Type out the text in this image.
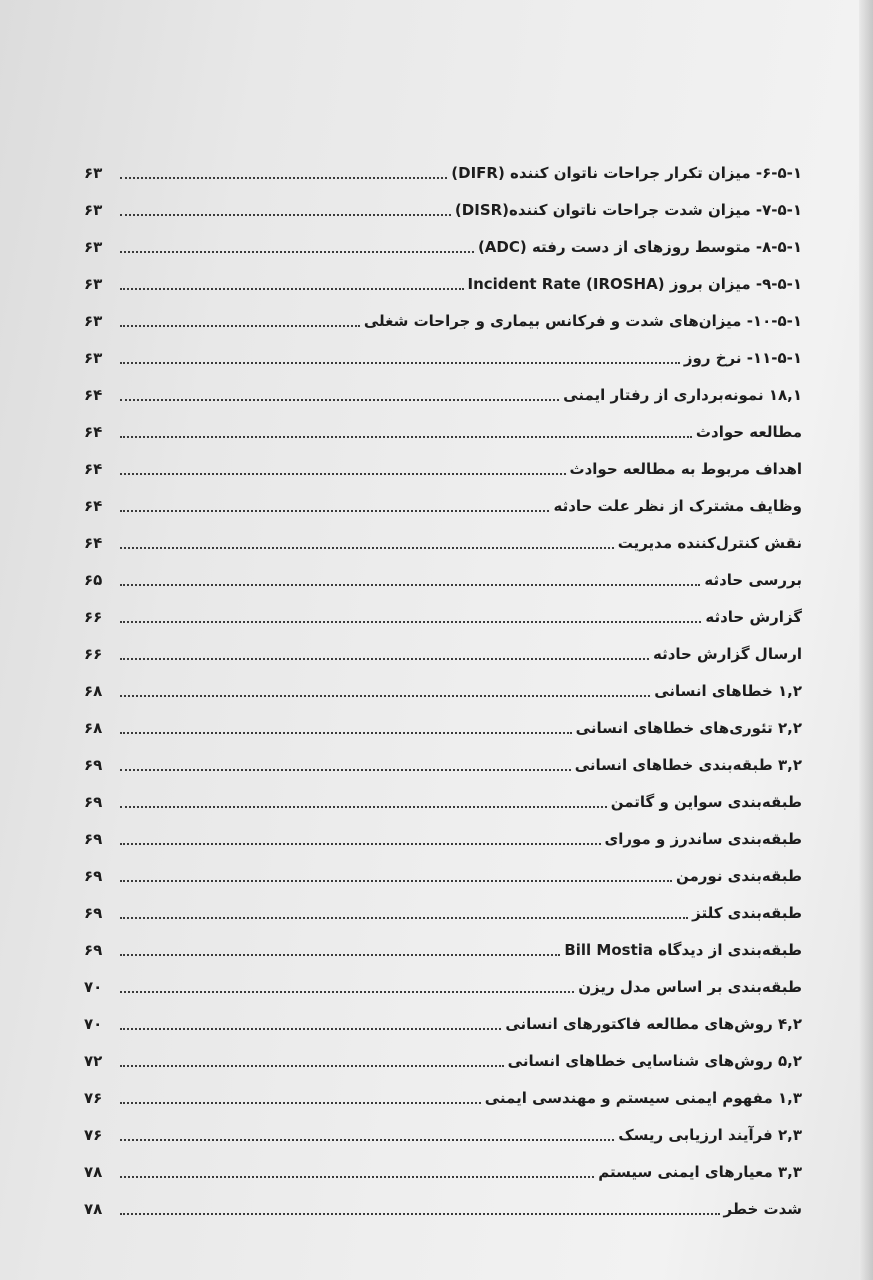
۶-۵-۱- میزان تکرار جراحات ناتوان کننده (DIFR)
۶۳
۷-۵-۱- میزان شدت جراحات ناتوان کننده(DISR)
۶۳
۸-۵-۱- متوسط روزهای از دست رفته (ADC)
۶۳
۹-۵-۱- میزان بروز Incident Rate (IROSHA)
۶۳
۱۰-۵-۱- میزان‌های شدت و فرکانس بیماری و جراحات شغلی
۶۳
۱۱-۵-۱- نرخ روز
۶۳
۱۸,۱ نمونه‌برداری از رفتار ایمنی
۶۴
مطالعه حوادث
۶۴
اهداف مربوط به مطالعه حوادث
۶۴
وظایف مشترک از نظر علت حادثه
۶۴
نقش کنترل‌کننده مدیریت
۶۴
بررسی حادثه
۶۵
گزارش حادثه
۶۶
ارسال گزارش حادثه
۶۶
۱,۲ خطاهای انسانی
۶۸
۲,۲ تئوری‌های خطاهای انسانی
۶۸
۳,۲ طبقه‌بندی خطاهای انسانی
۶۹
طبقه‌بندی سواین و گاتمن
۶۹
طبقه‌بندی ساندرز و مورای
۶۹
طبقه‌بندی نورمن
۶۹
طبقه‌بندی کلتز
۶۹
طبقه‌بندی از دیدگاه Bill Mostia
۶۹
طبقه‌بندی بر اساس مدل ریزن
۷۰
۴,۲ روش‌های مطالعه فاکتورهای انسانی
۷۰
۵,۲ روش‌های شناسایی خطاهای انسانی
۷۲
۱,۳ مفهوم ایمنی سیستم و مهندسی ایمنی
۷۶
۲,۳ فرآیند ارزیابی ریسک
۷۶
۳,۳ معیارهای ایمنی سیستم
۷۸
شدت خطر
۷۸
